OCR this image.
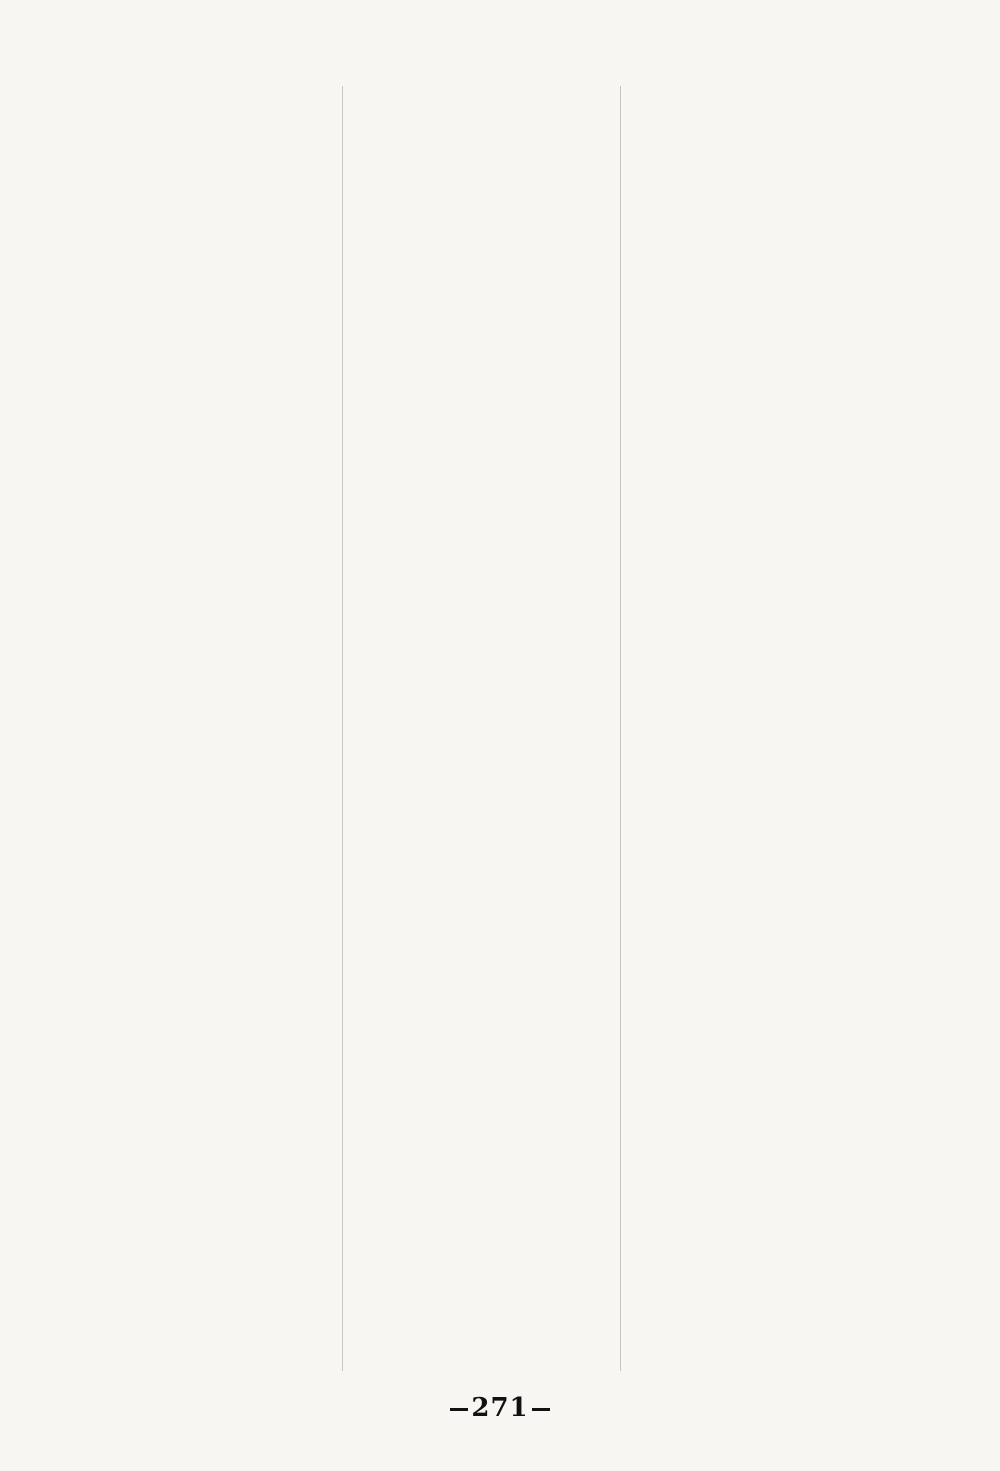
271
